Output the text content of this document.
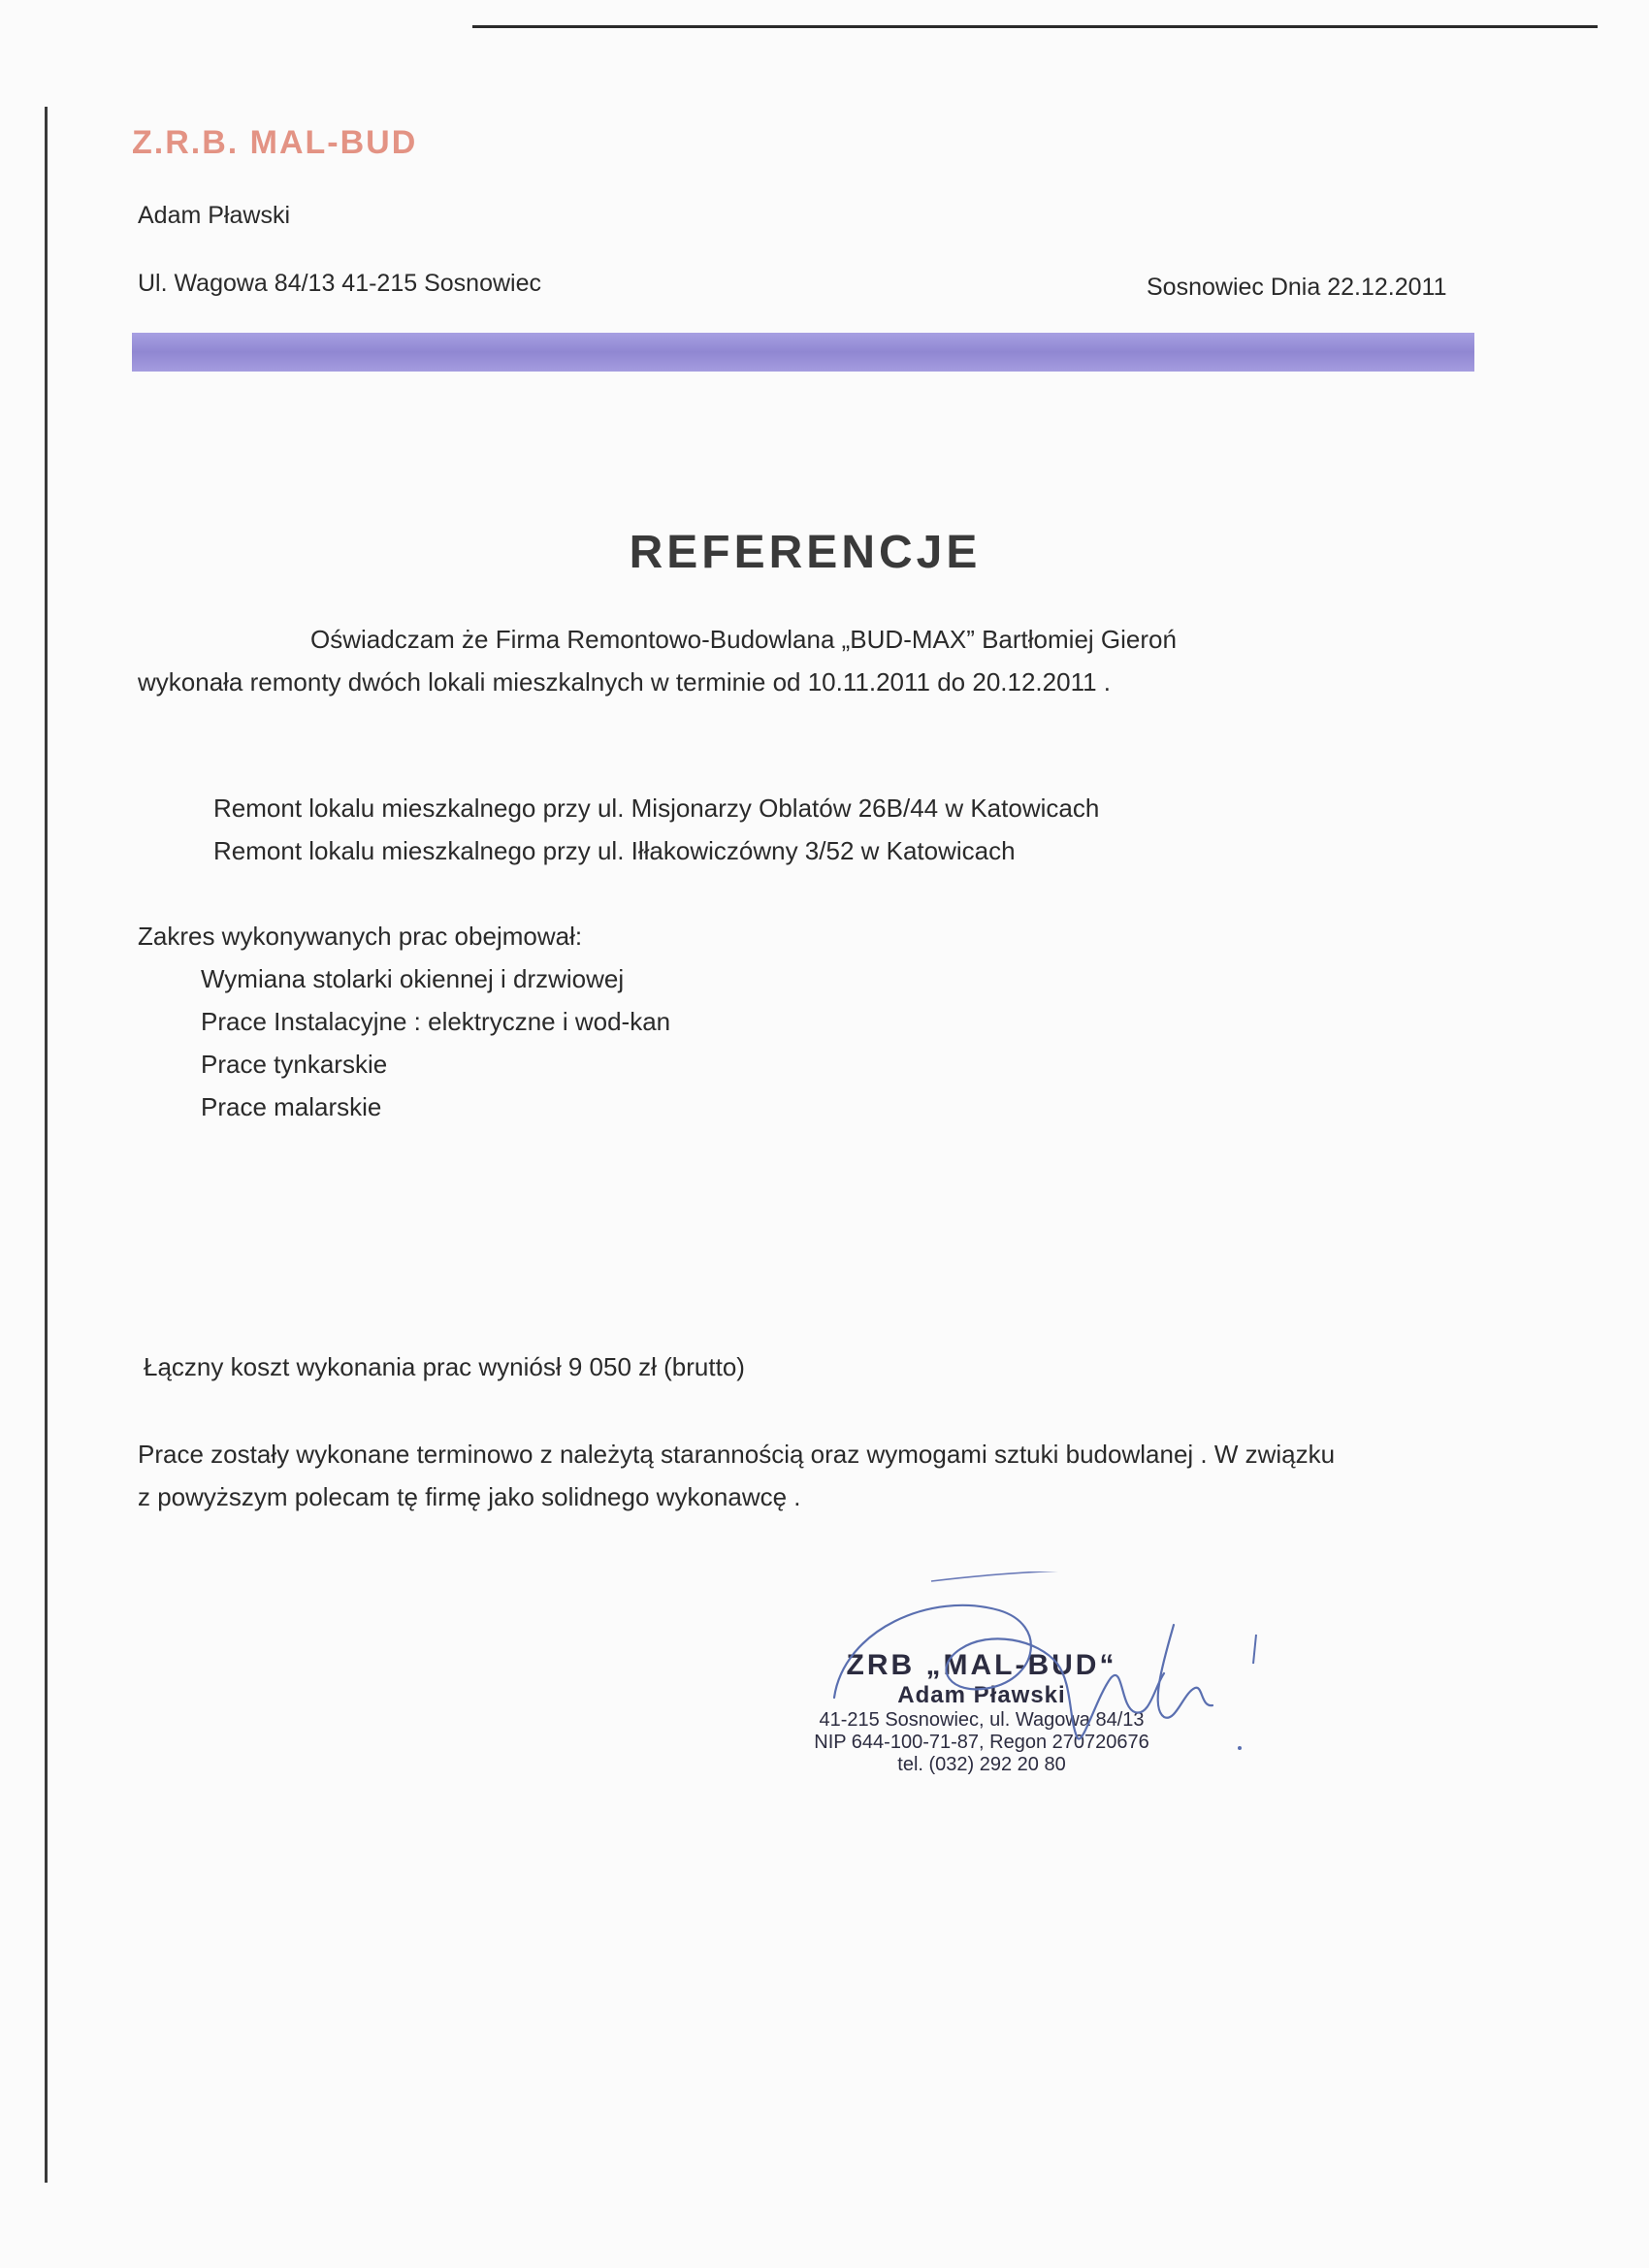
Z.R.B. MAL-BUD
Adam Pławski
Ul. Wagowa 84/13 41-215 Sosnowiec	Sosnowiec Dnia 22.12.2011
REFERENCJE
Oświadczam że Firma Remontowo-Budowlana „BUD-MAX” Bartłomiej Gieroń
wykonała remonty dwóch lokali mieszkalnych w terminie od 10.11.2011 do 20.12.2011 .
Remont lokalu mieszkalnego przy ul. Misjonarzy Oblatów 26B/44 w Katowicach
Remont lokalu mieszkalnego przy ul. Iłłakowiczówny 3/52 w Katowicach
Zakres wykonywanych prac obejmował:
Wymiana stolarki okiennej i drzwiowej
Prace Instalacyjne : elektryczne i wod-kan
Prace tynkarskie
Prace malarskie
Łączny koszt wykonania prac wyniósł 9 050 zł (brutto)
Prace zostały wykonane terminowo z należytą starannością oraz wymogami sztuki budowlanej . W związku
z powyższym polecam tę firmę jako solidnego wykonawcę .
ZRB „MAL-BUD“
Adam Pławski
41-215 Sosnowiec, ul. Wagowa 84/13
NIP 644-100-71-87, Regon 270720676
tel. (032) 292 20 80
